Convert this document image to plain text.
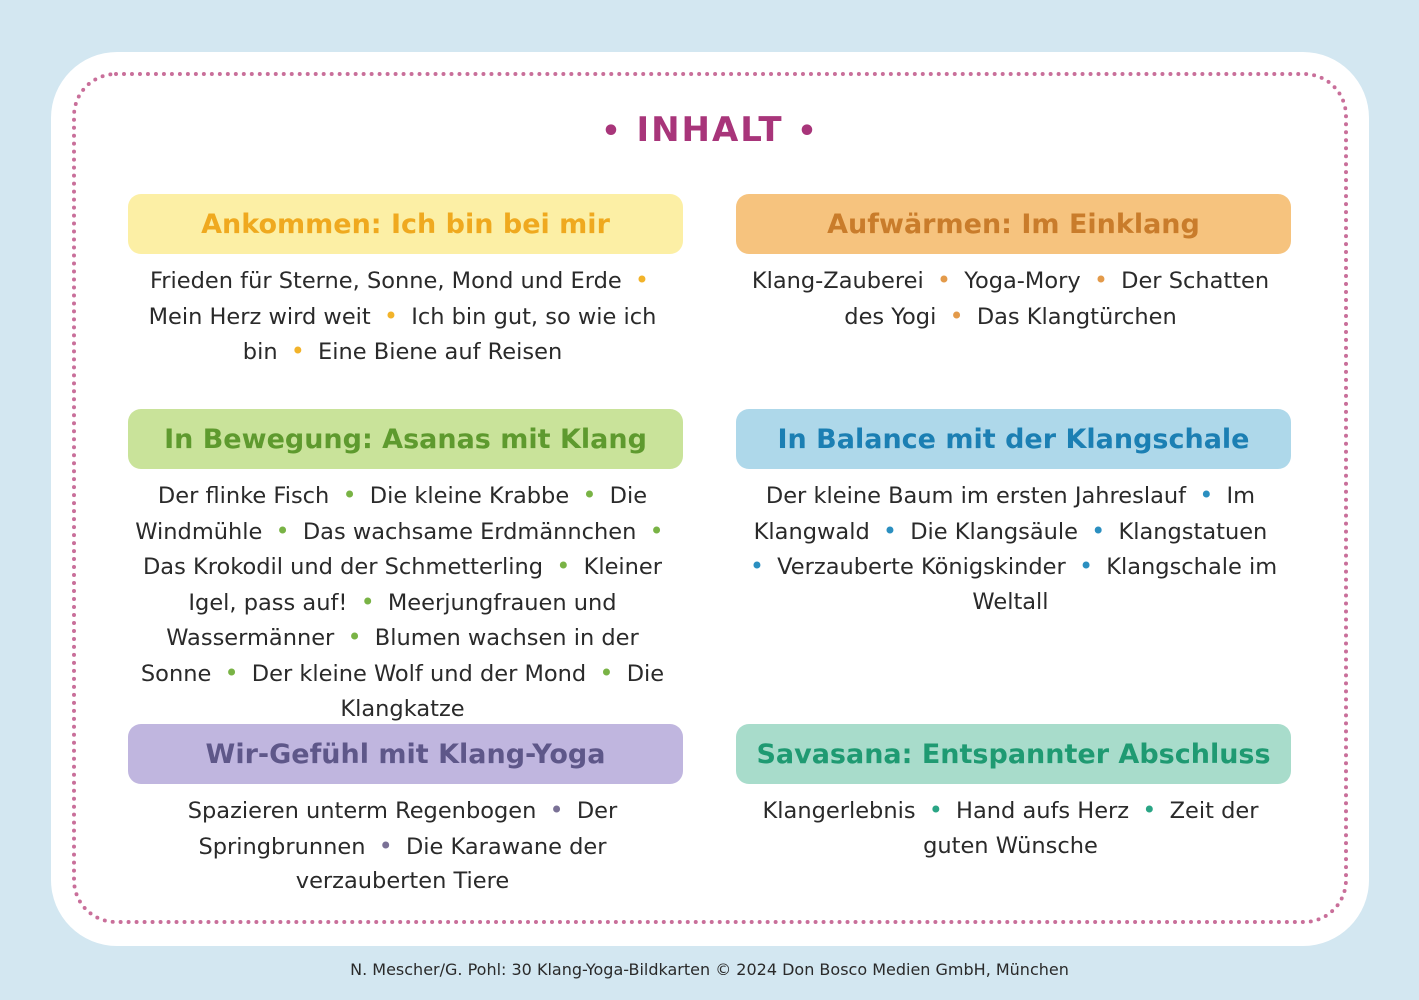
• INHALT •
Ankommen: Ich bin bei mir
Frieden für Sterne, Sonne, Mond und Erde • Mein Herz wird weit • Ich bin gut, so wie ich bin • Eine Biene auf Reisen
Aufwärmen: Im Einklang
Klang-Zauberei • Yoga-Mory • Der Schatten des Yogi • Das Klangtürchen
In Bewegung: Asanas mit Klang
Der flinke Fisch • Die kleine Krabbe • Die Windmühle • Das wachsame Erdmännchen • Das Krokodil und der Schmetterling • Kleiner Igel, pass auf! • Meerjungfrauen und Wassermänner • Blumen wachsen in der Sonne • Der kleine Wolf und der Mond • Die Klangkatze
In Balance mit der Klangschale
Der kleine Baum im ersten Jahreslauf • Im Klangwald • Die Klangsäule • Klangstatuen • Verzauberte Königskinder • Klangschale im Weltall
Wir-Gefühl mit Klang-Yoga
Spazieren unterm Regenbogen • Der Springbrunnen • Die Karawane der verzauberten Tiere
Savasana: Entspannter Abschluss
Klangerlebnis • Hand aufs Herz • Zeit der guten Wünsche
N. Mescher/G. Pohl: 30 Klang-Yoga-Bildkarten © 2024 Don Bosco Medien GmbH, München
